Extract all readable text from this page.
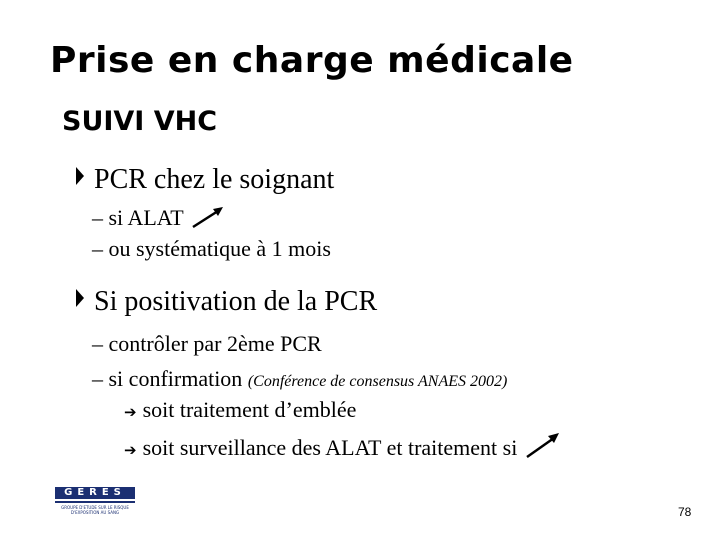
Prise en charge médicale
SUIVI VHC
PCR chez le soignant
– si ALAT
– ou systématique à 1 mois
Si positivation de la PCR
– contrôler par 2ème PCR
– si confirmation (Conférence de consensus ANAES 2002)
➔ soit traitement d’emblée
➔ soit surveillance des ALAT et traitement si
GERES
GROUPE D'ETUDE SUR LE RISQUE
D'EXPOSITION AU SANG	78
